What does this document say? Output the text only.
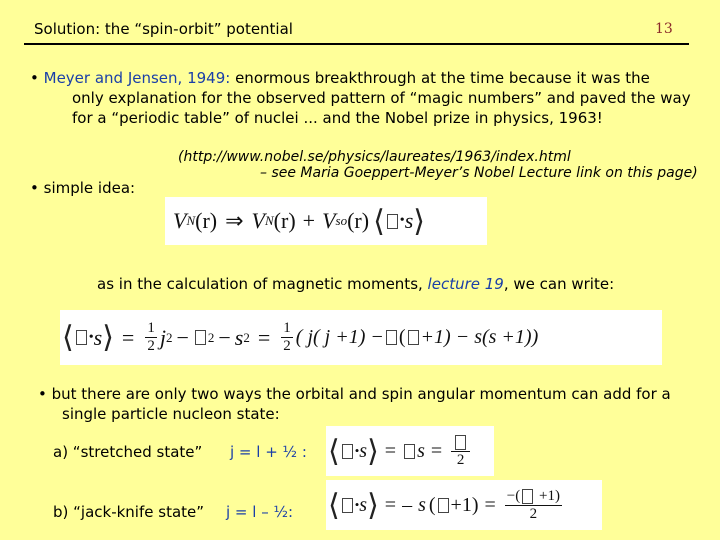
Solution: the “spin-orbit” potential	13
• Meyer and Jensen, 1949: enormous breakthrough at the time because it was the
only explanation for the observed pattern of “magic numbers” and paved the way
for a “periodic table” of nuclei ... and the Nobel prize in physics, 1963!
(http://www.nobel.se/physics/laureates/1963/index.html
– see Maria Goeppert-Meyer’s Nobel Lecture link on this page)
• simple idea:
V N (r) ⇒ V N (r) + V so (r) ⟨ • s ⟩
as in the calculation of magnetic moments, lecture 19, we can write:
⟨ • s ⟩ = $\frac{1}{2}$ j 2 − 2 − s $2 = \frac{1}{2}$ ( j( j +1) − ( +1) − s(s +1))
• but there are only two ways the orbital and spin angular momentum can add for a
single particle nucleon state:
a) “stretched state” j = l + ½ : ⟨ • s ⟩ = s = 2
b) “jack-knife state” j = l – ½: ⟨ • s ⟩ = – s ( $+1) = \frac{-( +1)}{2}$
